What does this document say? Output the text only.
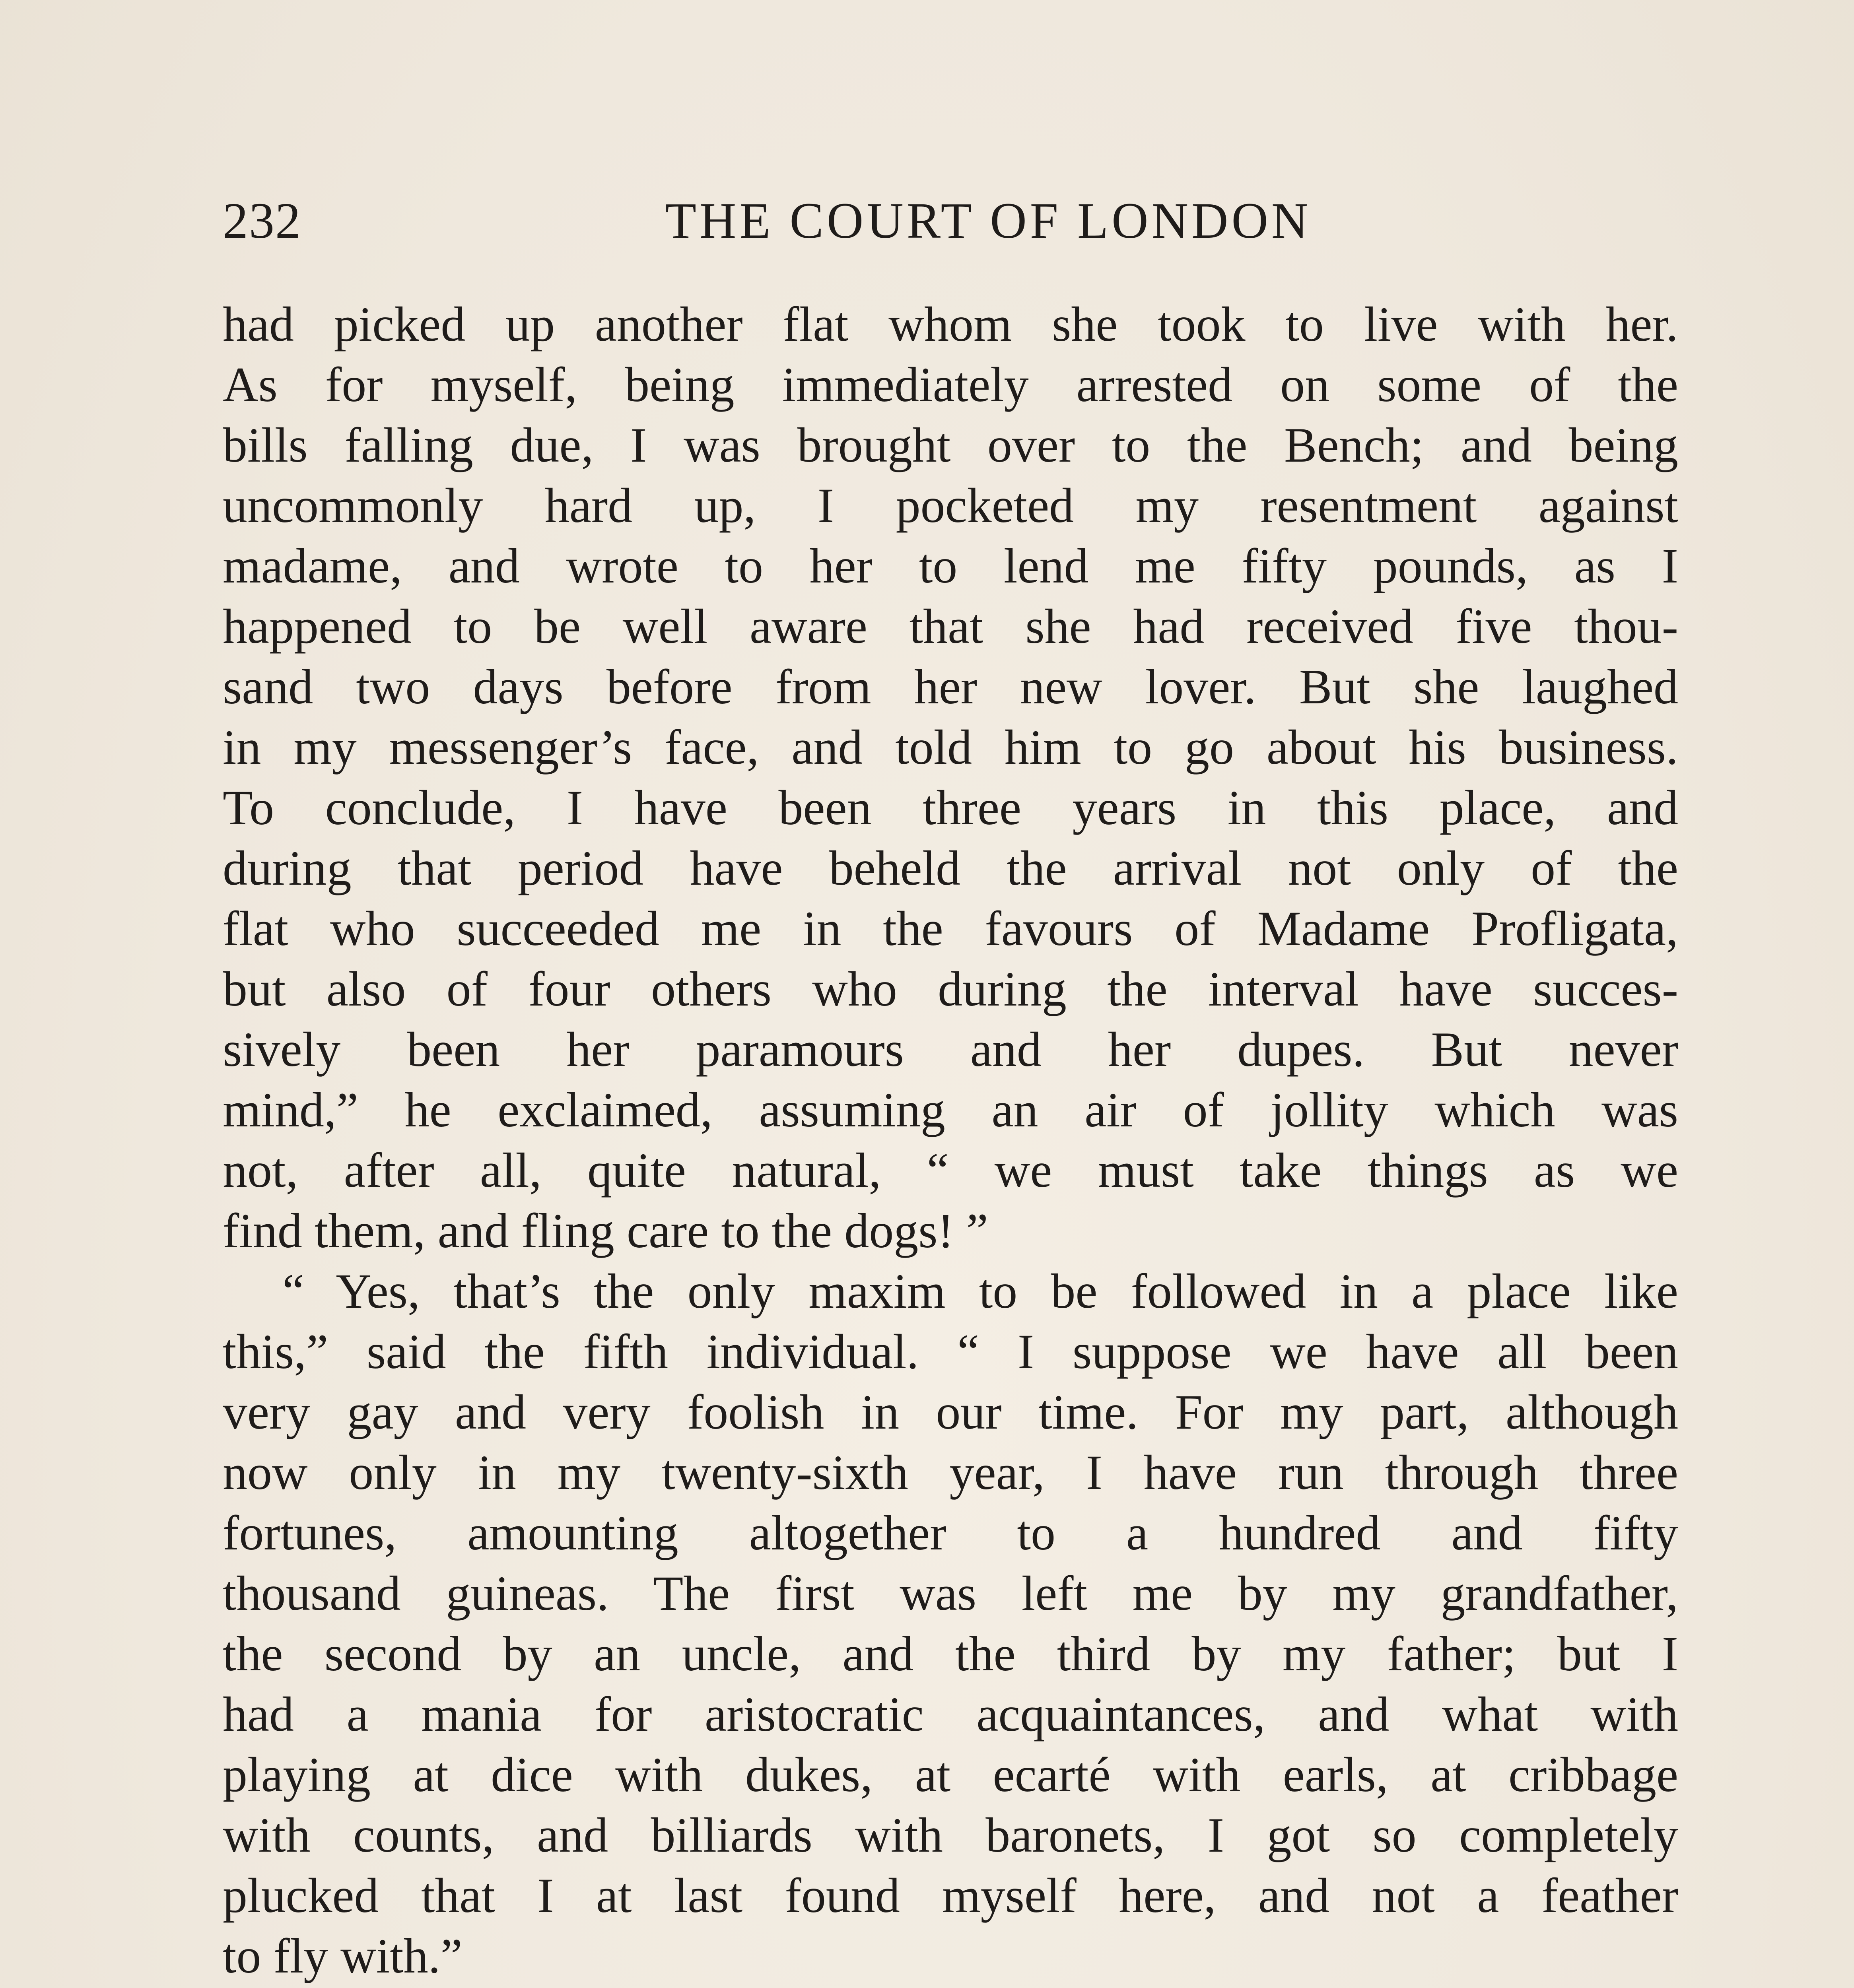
232	THE COURT OF LONDON
had picked up another flat whom she took to live with her.
As for myself, being immediately arrested on some of the
bills falling due, I was brought over to the Bench; and being
uncommonly hard up, I pocketed my resentment against
madame, and wrote to her to lend me fifty pounds, as I
happened to be well aware that she had received five thou-
sand two days before from her new lover. But she laughed
in my messenger’s face, and told him to go about his business.
To conclude, I have been three years in this place, and
during that period have beheld the arrival not only of the
flat who succeeded me in the favours of Madame Profligata,
but also of four others who during the interval have succes-
sively been her paramours and her dupes. But never
mind,” he exclaimed, assuming an air of jollity which was
not, after all, quite natural, “ we must take things as we
find them, and fling care to the dogs! ”
“ Yes, that’s the only maxim to be followed in a place like
this,” said the fifth individual. “ I suppose we have all been
very gay and very foolish in our time. For my part, although
now only in my twenty-sixth year, I have run through three
fortunes, amounting altogether to a hundred and fifty
thousand guineas. The first was left me by my grandfather,
the second by an uncle, and the third by my father; but I
had a mania for aristocratic acquaintances, and what with
playing at dice with dukes, at ecarté with earls, at cribbage
with counts, and billiards with baronets, I got so completely
plucked that I at last found myself here, and not a feather
to fly with.”
